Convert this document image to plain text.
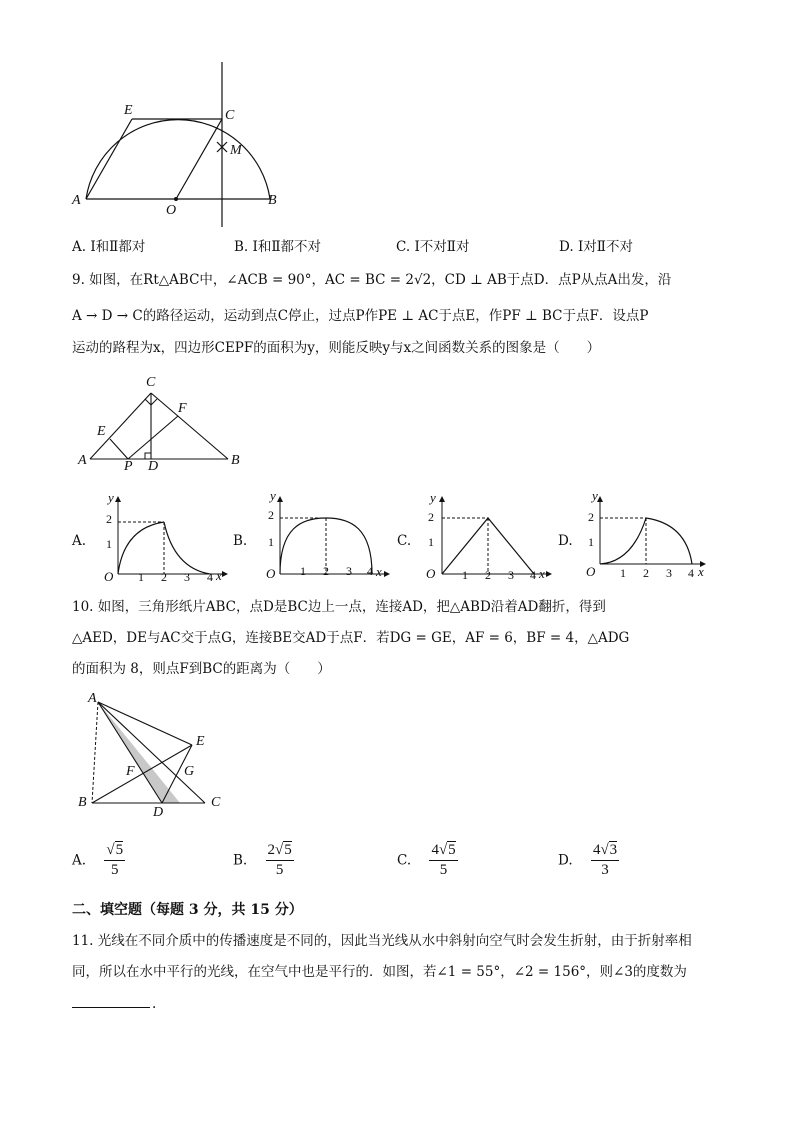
E	C
M
A
O
B
A. Ⅰ和Ⅱ都对	B. Ⅰ和Ⅱ都不对	C. Ⅰ不对Ⅱ对	D. Ⅰ对Ⅱ不对
9. 如图，在Rt△ABC中，∠ACB = 90°，AC = BC = 2√2，CD ⊥ AB于点D．点P从点A出发，沿
A → D → C的路径运动，运动到点C停止，过点P作PE ⊥ AC于点E，作PF ⊥ BC于点F．设点P
运动的路程为x，四边形CEPF的面积为y，则能反映y与x之间函数关系的图象是（　　）
C
F
E
A	P D	B
A.	B.	C.	D.
y
2
1
O 1 2 3 4 x
y
2
1
O 1 2 3 4 x
y
2
1
O 1 2 3 4 x
y
2
1
O 1 2 3 4 x
10. 如图，三角形纸片ABC，点D是BC边上一点，连接AD，把△ABD沿着AD翻折，得到
△AED，DE与AC交于点G，连接BE交AD于点F．若DG = GE，AF = 6，BF = 4，△ADG
的面积为 8，则点F到BC的距离为（　　）
A
E
F	G
B
D
C
A. $\frac{√5}{5}$	B. $\frac{2√5}{5}$	C. $\frac{4√5}{5}$	D. $\frac{4√3}{3}$
二、填空题（每题 3 分，共 15 分）
11. 光线在不同介质中的传播速度是不同的，因此当光线从水中斜射向空气时会发生折射，由于折射率相
同，所以在水中平行的光线，在空气中也是平行的．如图，若∠1 = 55°，∠2 = 156°，则∠3的度数为
.
